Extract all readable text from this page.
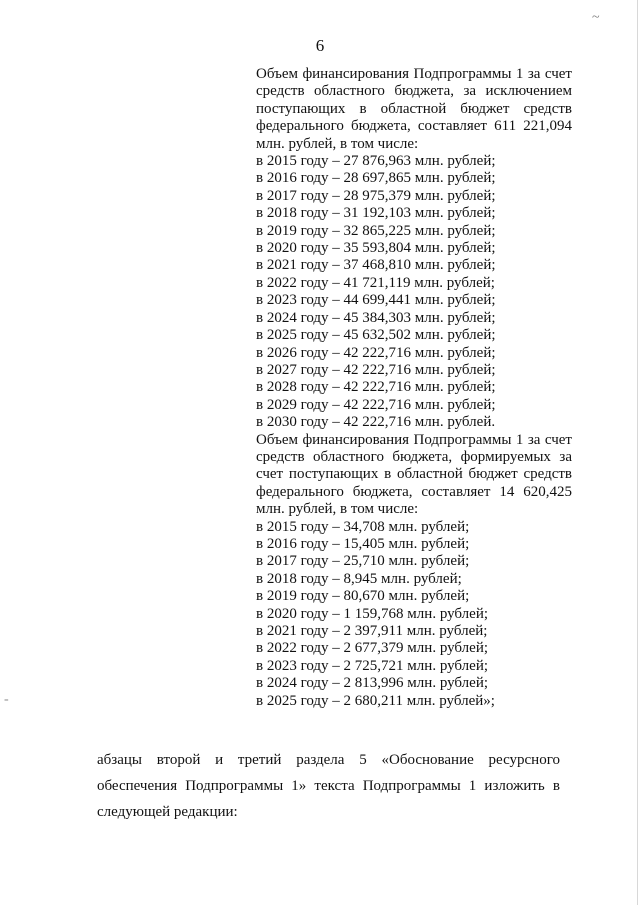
~
-
6
Объем финансирования Подпрограммы 1 за счет средств областного бюджета, за исключением поступающих в областной бюджет средств федерального бюджета, составляет 611 221,094 млн. рублей, в том числе:
в 2015 году – 27 876,963 млн. рублей;
в 2016 году – 28 697,865 млн. рублей;
в 2017 году – 28 975,379 млн. рублей;
в 2018 году – 31 192,103 млн. рублей;
в 2019 году – 32 865,225 млн. рублей;
в 2020 году – 35 593,804 млн. рублей;
в 2021 году – 37 468,810 млн. рублей;
в 2022 году – 41 721,119 млн. рублей;
в 2023 году – 44 699,441 млн. рублей;
в 2024 году – 45 384,303 млн. рублей;
в 2025 году – 45 632,502 млн. рублей;
в 2026 году – 42 222,716 млн. рублей;
в 2027 году – 42 222,716 млн. рублей;
в 2028 году – 42 222,716 млн. рублей;
в 2029 году – 42 222,716 млн. рублей;
в 2030 году – 42 222,716 млн. рублей.
Объем финансирования Подпрограммы 1 за счет средств областного бюджета, формируемых за счет поступающих в областной бюджет средств федерального бюджета, составляет 14 620,425 млн. рублей, в том числе:
в 2015 году – 34,708 млн. рублей;
в 2016 году – 15,405 млн. рублей;
в 2017 году – 25,710 млн. рублей;
в 2018 году – 8,945 млн. рублей;
в 2019 году – 80,670 млн. рублей;
в 2020 году – 1 159,768 млн. рублей;
в 2021 году – 2 397,911 млн. рублей;
в 2022 году – 2 677,379 млн. рублей;
в 2023 году – 2 725,721 млн. рублей;
в 2024 году – 2 813,996 млн. рублей;
в 2025 году – 2 680,211 млн. рублей»;
абзацы второй и третий раздела 5 «Обоснование ресурсного обеспечения Подпрограммы 1» текста Подпрограммы 1 изложить в следующей редакции:
